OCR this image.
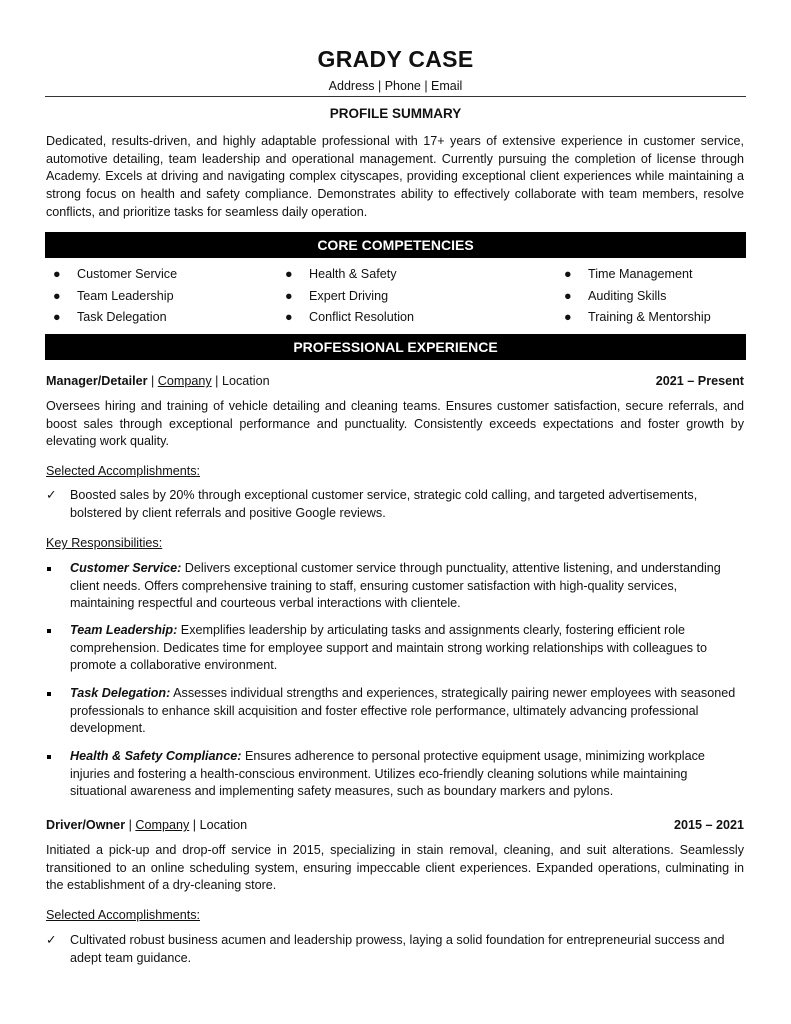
GRADY CASE
Address | Phone | Email
PROFILE SUMMARY

Dedicated, results-driven, and highly adaptable professional with 17+ years of extensive experience in customer service, automotive detailing, team leadership and operational management. Currently pursuing the completion of license through Academy. Excels at driving and navigating complex cityscapes, providing exceptional client experiences while maintaining a strong focus on health and safety compliance. Demonstrates ability to effectively collaborate with team members, resolve conflicts, and prioritize tasks for seamless daily operation.

CORE COMPETENCIES
● Customer Service
● Team Leadership
● Task Delegation
● Health & Safety
● Expert Driving
● Conflict Resolution
● Time Management
● Auditing Skills
● Training & Mentorship
PROFESSIONAL EXPERIENCE
Manager/Detailer | Company | Location	2021 – Present

Oversees hiring and training of vehicle detailing and cleaning teams. Ensures customer satisfaction, secure referrals, and boost sales through exceptional performance and punctuality. Consistently exceeds expectations and foster growth by elevating work quality.

Selected Accomplishments:
✓ Boosted sales by 20% through exceptional customer service, strategic cold calling, and targeted advertisements, bolstered by client referrals and positive Google reviews.
Key Responsibilities:
Customer Service: Delivers exceptional customer service through punctuality, attentive listening, and understanding client needs. Offers comprehensive training to staff, ensuring customer satisfaction with high-quality services, maintaining respectful and courteous verbal interactions with clientele.
Team Leadership: Exemplifies leadership by articulating tasks and assignments clearly, fostering efficient role comprehension. Dedicates time for employee support and maintain strong working relationships with colleagues to promote a collaborative environment.
Task Delegation: Assesses individual strengths and experiences, strategically pairing newer employees with seasoned professionals to enhance skill acquisition and foster effective role performance, ultimately advancing professional development.
Health & Safety Compliance: Ensures adherence to personal protective equipment usage, minimizing workplace injuries and fostering a health-conscious environment. Utilizes eco-friendly cleaning solutions while maintaining situational awareness and implementing safety measures, such as boundary markers and pylons.
Driver/Owner | Company | Location	2015 – 2021

Initiated a pick-up and drop-off service in 2015, specializing in stain removal, cleaning, and suit alterations. Seamlessly transitioned to an online scheduling system, ensuring impeccable client experiences. Expanded operations, culminating in the establishment of a dry-cleaning store.

Selected Accomplishments:
✓ Cultivated robust business acumen and leadership prowess, laying a solid foundation for entrepreneurial success and adept team guidance.
